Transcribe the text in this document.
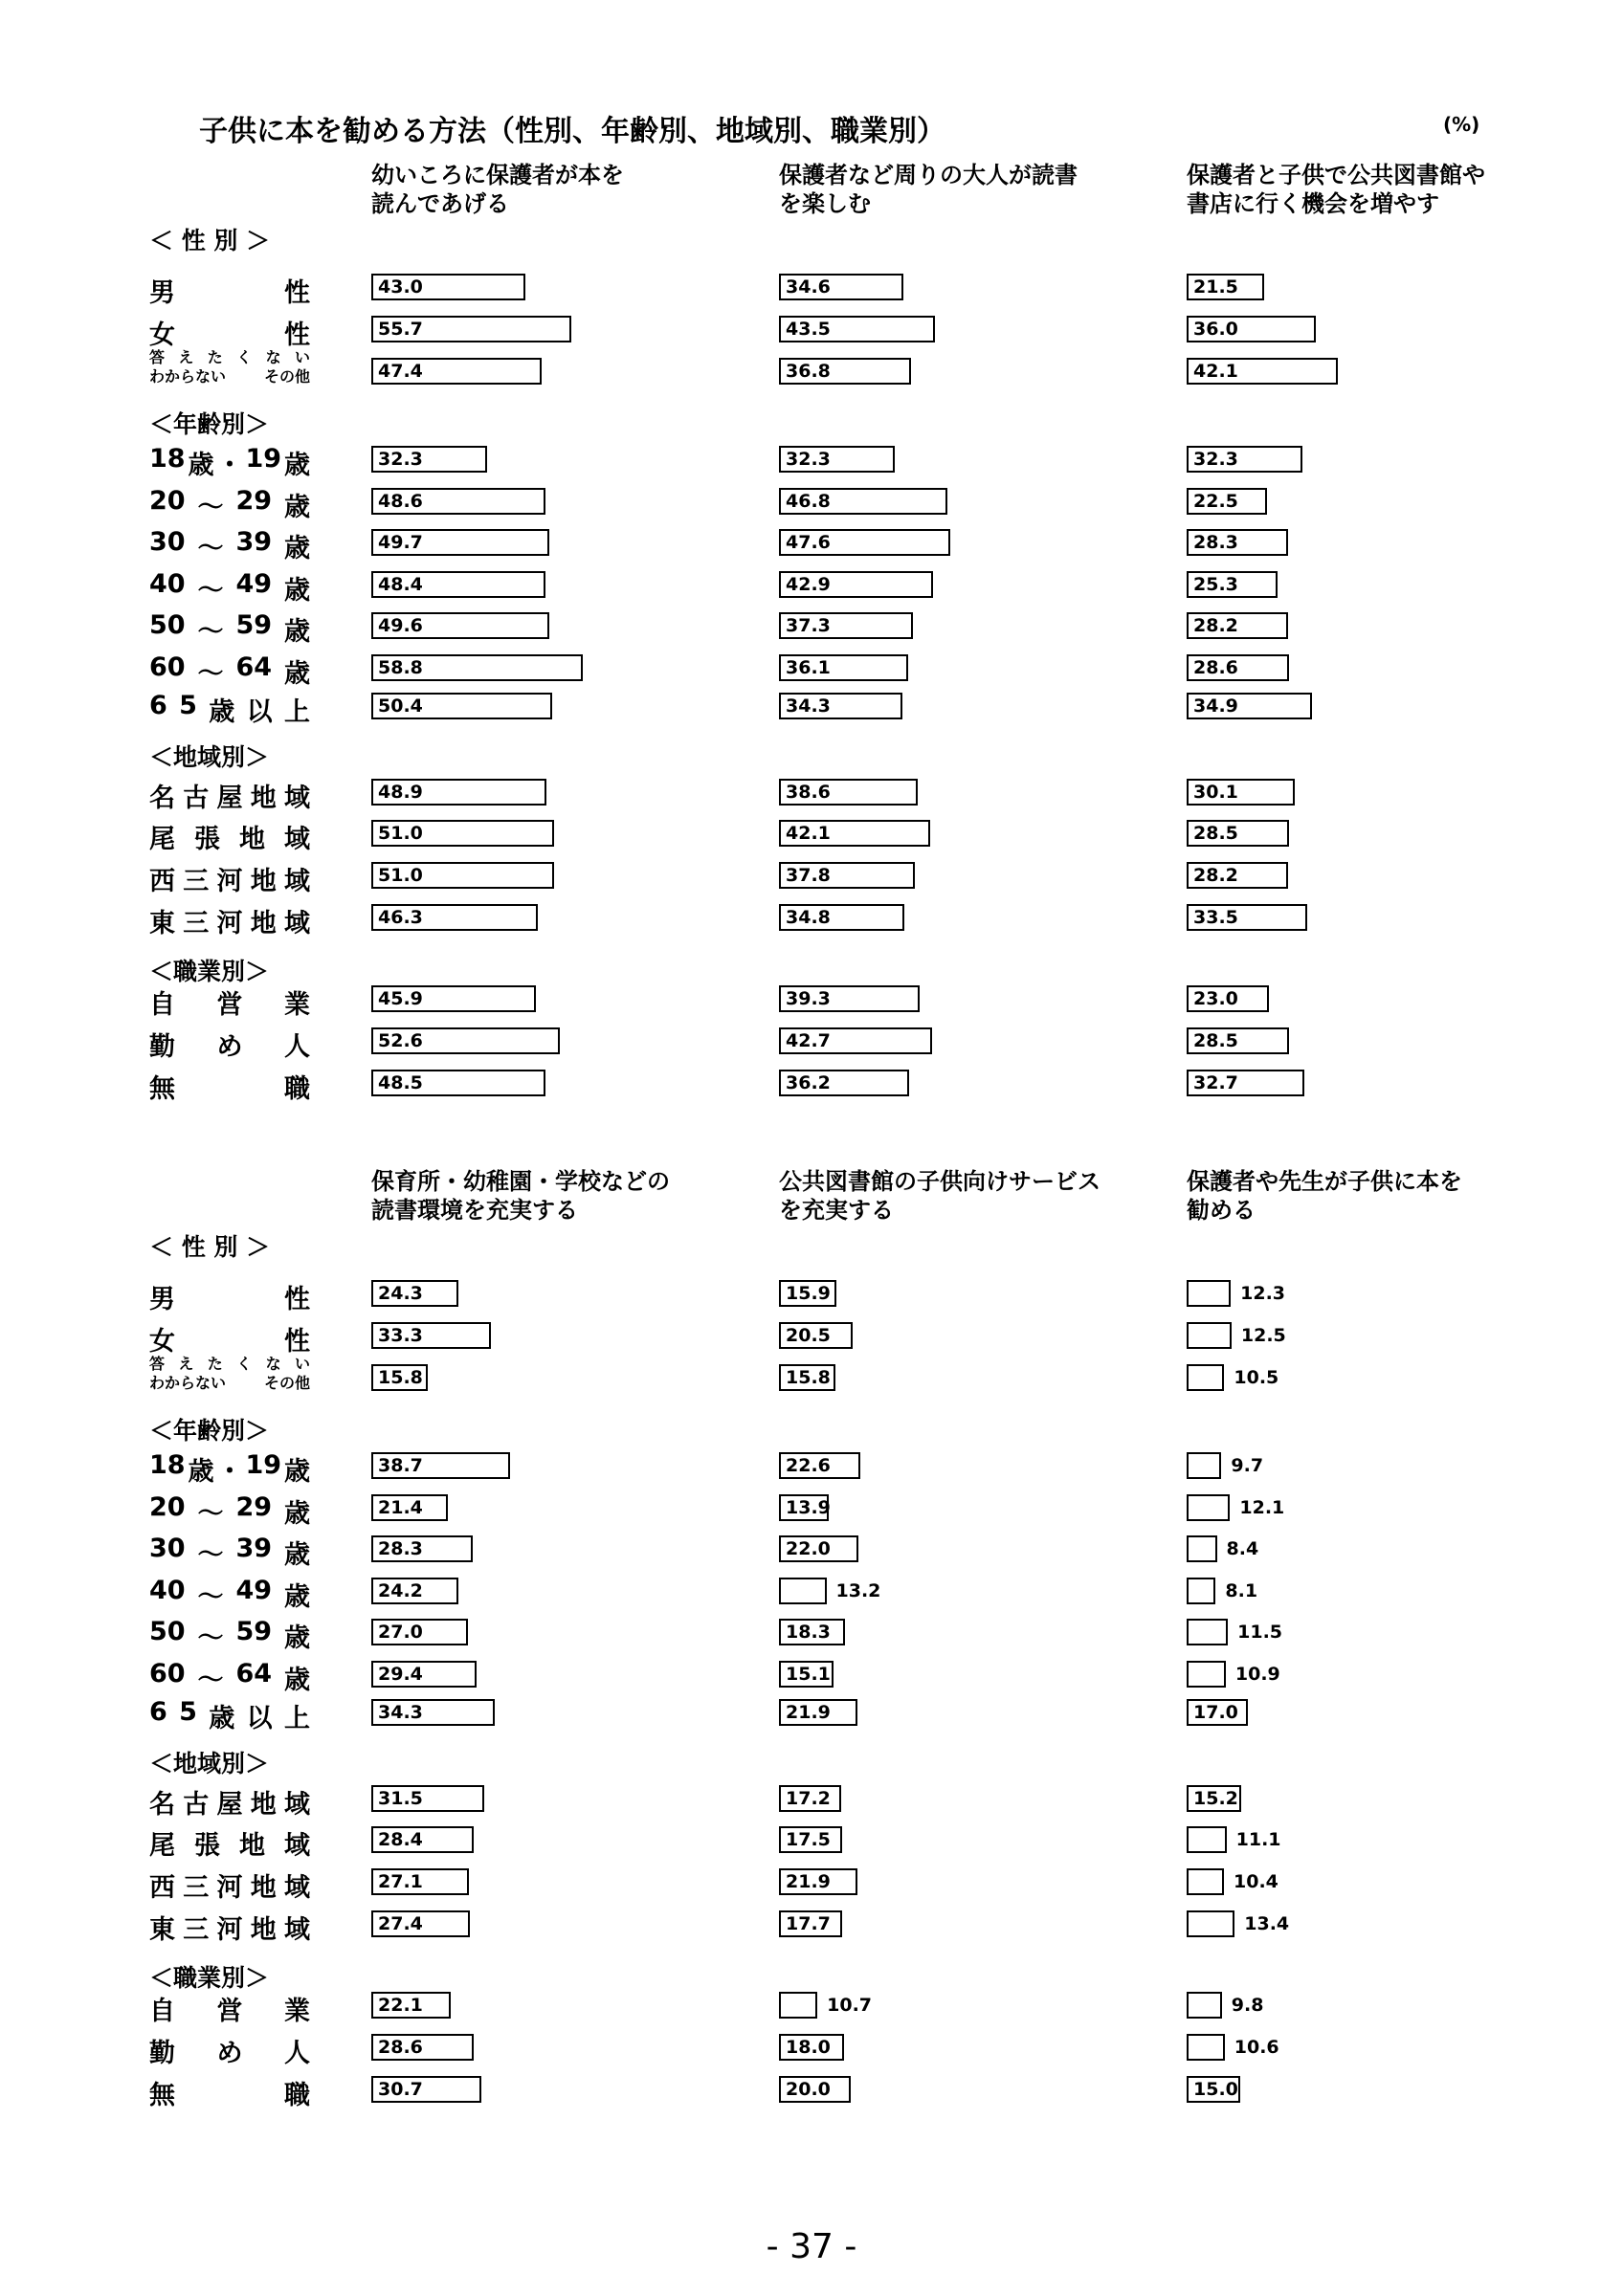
子供に本を勧める方法（性別、年齢別、地域別、職業別）	(%)
幼いころに保護者が本を
読んであげる
保護者など周りの大人が読書
を楽しむ
保護者と子供で公共図書館や
書店に行く機会を増やす
＜ 性 別 ＞
男	性	43.0	34.6	21.5
女	性	55.7	43.5	36.0
答 え た く な い
わからない その他	47.4	36.8	42.1
＜年齢別＞
18 歳 ・ 19 歳	32.3	32.3	32.3
20 ～ 29 歳	48.6	46.8	22.5
30 ～ 39 歳	49.7	47.6	28.3
40 ～ 49 歳	48.4	42.9	25.3
50 ～ 59 歳	49.6	37.3	28.2
60 ～ 64 歳	58.8	36.1	28.6
6 5 歳 以 上	50.4	34.3	34.9
＜地域別＞
名 古 屋 地 域	48.9	38.6	30.1
尾 張 地 域	51.0	42.1	28.5
西 三 河 地 域	51.0	37.8	28.2
東 三 河 地 域	46.3	34.8	33.5
＜職業別＞
自 営 業	45.9	39.3	23.0
勤 め 人	52.6	42.7	28.5
無	職	48.5	36.2	32.7
保育所・幼稚園・学校などの
読書環境を充実する
公共図書館の子供向けサービス
を充実する
保護者や先生が子供に本を
勧める
＜ 性 別 ＞
男	性	24.3	15.9	12.3
女	性	33.3	20.5	12.5
答 え た く な い
わからない その他	15.8	15.8	10.5
＜年齢別＞
18 歳 ・ 19 歳	38.7	22.6	9.7
20 ～ 29 歳	21.4	13.9	12.1
30 ～ 39 歳	28.3	22.0	8.4
40 ～ 49 歳	24.2	13.2	8.1
50 ～ 59 歳	27.0	18.3	11.5
60 ～ 64 歳	29.4	15.1	10.9
6 5 歳 以 上	34.3	21.9	17.0
＜地域別＞
名 古 屋 地 域	31.5	17.2	15.2
尾 張 地 域	28.4	17.5	11.1
西 三 河 地 域	27.1	21.9	10.4
東 三 河 地 域	27.4	17.7	13.4
＜職業別＞
自 営 業	22.1	10.7	9.8
勤 め 人	28.6	18.0	10.6
無	職	30.7	20.0	15.0
- 37 -
